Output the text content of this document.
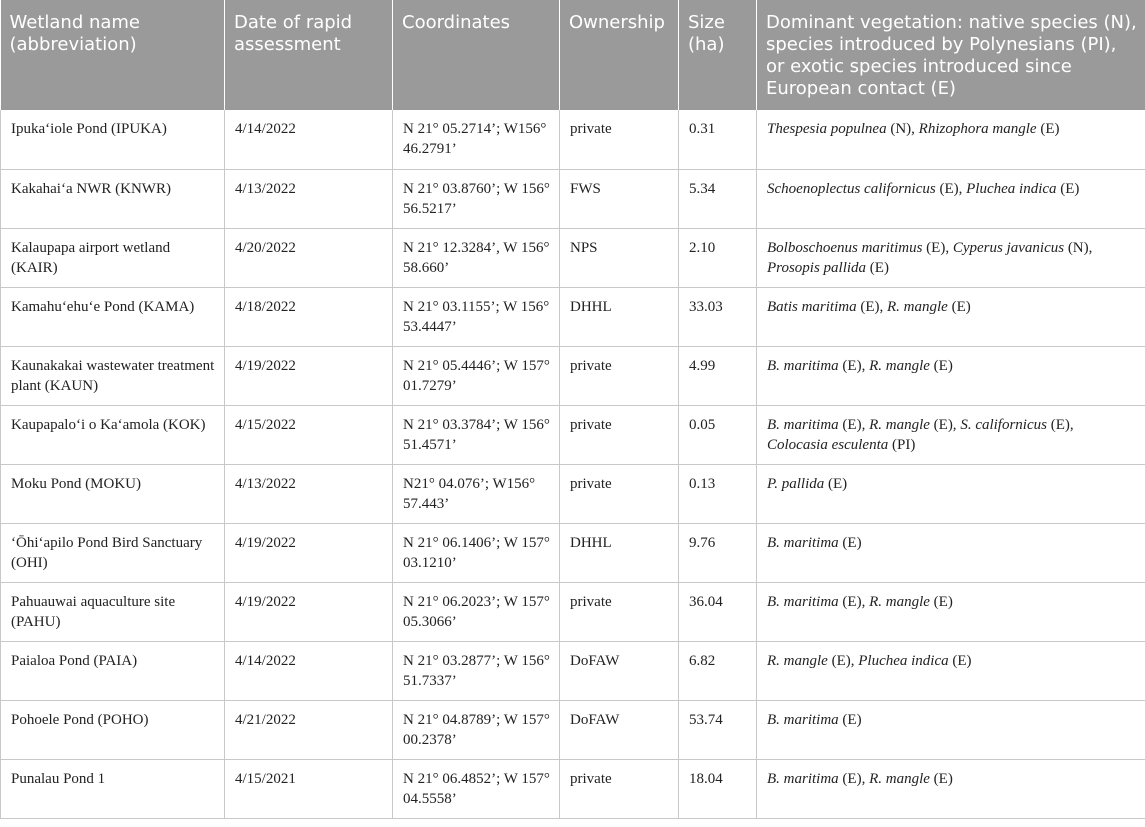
Wetland name (abbreviation)	Date of rapid assessment	Coordinates	Ownership	Size (ha)	Dominant vegetation: native species (N), species introduced by Polynesians (PI), or exotic species introduced since European contact (E)
Ipukaʻiole Pond (IPUKA)	4/14/2022	N 21° 05.2714’; W156° 46.2791’	private	0.31	Thespesia populnea (N), Rhizophora mangle (E)
Kakahaiʻa NWR (KNWR)	4/13/2022	N 21° 03.8760’; W 156° 56.5217’	FWS	5.34	Schoenoplectus californicus (E), Pluchea indica (E)
Kalaupapa airport wetland (KAIR)	4/20/2022	N 21° 12.3284’, W 156° 58.660’	NPS	2.10	Bolboschoenus maritimus (E), Cyperus javanicus (N), Prosopis pallida (E)
Kamahuʻehuʻe Pond (KAMA)	4/18/2022	N 21° 03.1155’; W 156° 53.4447’	DHHL	33.03	Batis maritima (E), R. mangle (E)
Kaunakakai wastewater treatment plant (KAUN)	4/19/2022	N 21° 05.4446’; W 157° 01.7279’	private	4.99	B. maritima (E), R. mangle (E)
Kaupapaloʻi o Kaʻamola (KOK)	4/15/2022	N 21° 03.3784’; W 156° 51.4571’	private	0.05	B. maritima (E), R. mangle (E), S. californicus (E), Colocasia esculenta (PI)
Moku Pond (MOKU)	4/13/2022	N21° 04.076’; W156° 57.443’	private	0.13	P. pallida (E)
ʻŌhiʻapilo Pond Bird Sanctuary (OHI)	4/19/2022	N 21° 06.1406’; W 157° 03.1210’	DHHL	9.76	B. maritima (E)
Pahuauwai aquaculture site (PAHU)	4/19/2022	N 21° 06.2023’; W 157° 05.3066’	private	36.04	B. maritima (E), R. mangle (E)
Paialoa Pond (PAIA)	4/14/2022	N 21° 03.2877’; W 156° 51.7337’	DoFAW	6.82	R. mangle (E), Pluchea indica (E)
Pohoele Pond (POHO)	4/21/2022	N 21° 04.8789’; W 157° 00.2378’	DoFAW	53.74	B. maritima (E)
Punalau Pond 1	4/15/2021	N 21° 06.4852’; W 157° 04.5558’	private	18.04	B. maritima (E), R. mangle (E)
